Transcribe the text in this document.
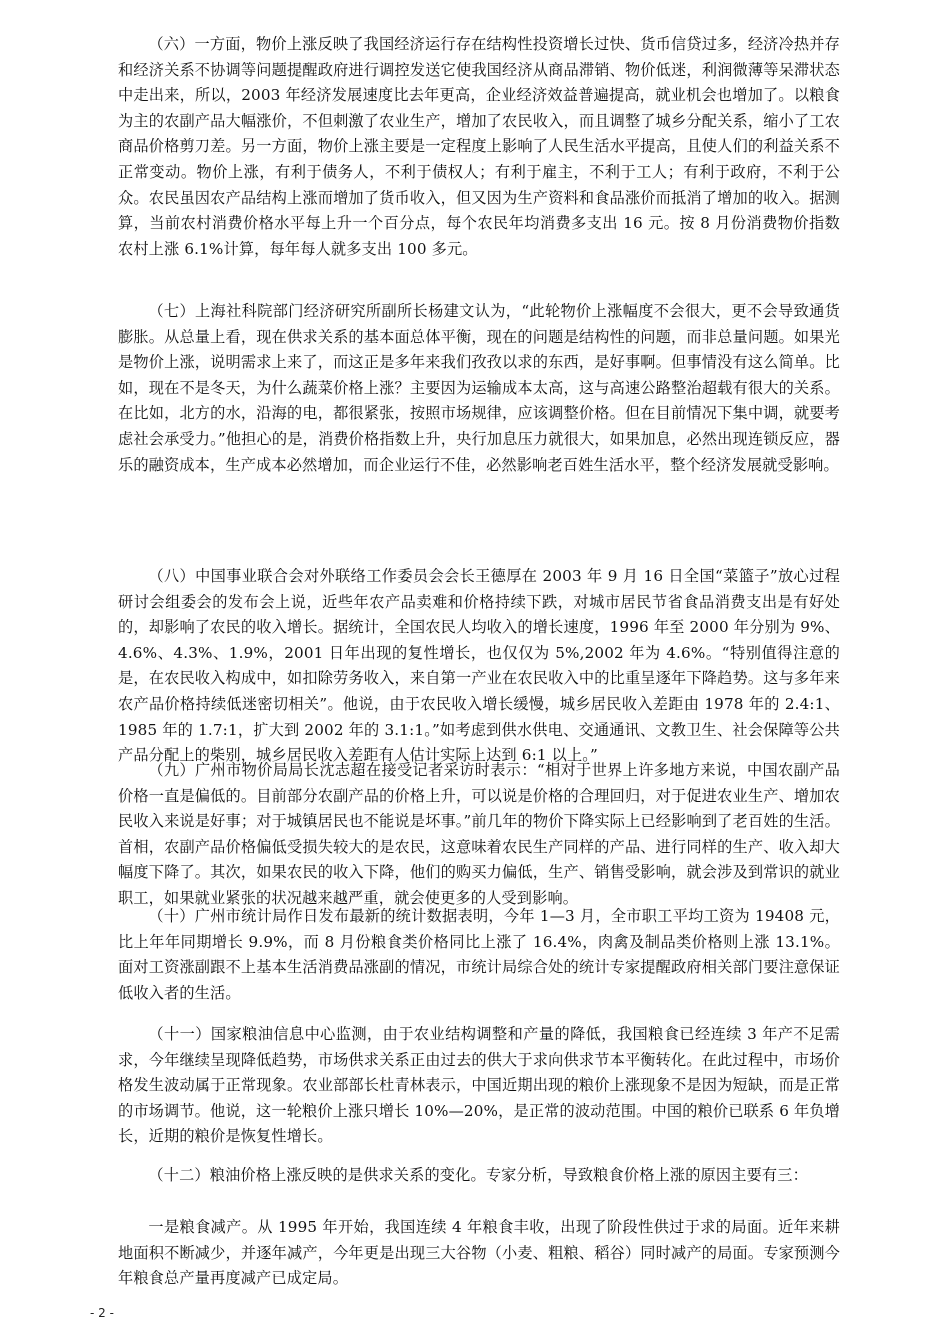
（六）一方面，物价上涨反映了我国经济运行存在结构性投资增长过快、货币信贷过多，经济冷热并存和经济关系不协调等问题提醒政府进行调控发送它使我国经济从商品滞销、物价低迷，利润微薄等呆滞状态中走出来，所以，2003 年经济发展速度比去年更高，企业经济效益普遍提高，就业机会也增加了。以粮食为主的农副产品大幅涨价，不但刺激了农业生产，增加了农民收入，而且调整了城乡分配关系，缩小了工农商品价格剪刀差。另一方面，物价上涨主要是一定程度上影响了人民生活水平提高，且使人们的利益关系不正常变动。物价上涨，有利于债务人，不利于债权人；有利于雇主，不利于工人；有利于政府，不利于公众。农民虽因农产品结构上涨而增加了货币收入，但又因为生产资料和食品涨价而抵消了增加的收入。据测算，当前农村消费价格水平每上升一个百分点，每个农民年均消费多支出 16 元。按 8 月份消费物价指数农村上涨 6.1%计算，每年每人就多支出 100 多元。

（七）上海社科院部门经济研究所副所长杨建文认为，“此轮物价上涨幅度不会很大，更不会导致通货膨胀。从总量上看，现在供求关系的基本面总体平衡，现在的问题是结构性的问题，而非总量问题。如果光是物价上涨，说明需求上来了，而这正是多年来我们孜孜以求的东西，是好事啊。但事情没有这么简单。比如，现在不是冬天，为什么蔬菜价格上涨？主要因为运输成本太高，这与高速公路整治超载有很大的关系。在比如，北方的水，沿海的电，都很紧张，按照市场规律，应该调整价格。但在目前情况下集中调，就要考虑社会承受力。”他担心的是，消费价格指数上升，央行加息压力就很大，如果加息，必然出现连锁反应，器乐的融资成本，生产成本必然增加，而企业运行不佳，必然影响老百姓生活水平，整个经济发展就受影响。

（八）中国事业联合会对外联络工作委员会会长王德厚在 2003 年 9 月 16 日全国“菜篮子”放心过程研讨会组委会的发布会上说，近些年农产品卖难和价格持续下跌，对城市居民节省食品消费支出是有好处的，却影响了农民的收入增长。据统计，全国农民人均收入的增长速度，1996 年至 2000 年分别为 9%、4.6%、4.3%、1.9%，2001 日年出现的复性增长，也仅仅为 5%,2002 年为 4.6%。“特别值得注意的是，在农民收入构成中，如扣除劳务收入，来自第一产业在农民收入中的比重呈逐年下降趋势。这与多年来农产品价格持续低迷密切相关”。他说，由于农民收入增长缓慢，城乡居民收入差距由 1978 年的 2.4:1、1985 年的 1.7:1，扩大到 2002 年的 3.1:1。”如考虑到供水供电、交通通讯、文教卫生、社会保障等公共产品分配上的柴别，城乡居民收入差距有人估计实际上达到 6:1 以上。”

（九）广州市物价局局长沈志超在接受记者采访时表示：“相对于世界上许多地方来说，中国农副产品价格一直是偏低的。目前部分农副产品的价格上升，可以说是价格的合理回归，对于促进农业生产、增加农民收入来说是好事；对于城镇居民也不能说是坏事。”前几年的物价下降实际上已经影响到了老百姓的生活。首相，农副产品价格偏低受损失较大的是农民，这意味着农民生产同样的产品、进行同样的生产、收入却大幅度下降了。其次，如果农民的收入下降，他们的购买力偏低，生产、销售受影响，就会涉及到常识的就业职工，如果就业紧张的状况越来越严重，就会使更多的人受到影响。

（十）广州市统计局作日发布最新的统计数据表明，今年 1—3 月，全市职工平均工资为 19408 元，比上年年同期增长 9.9%，而 8 月份粮食类价格同比上涨了 16.4%，肉禽及制品类价格则上涨 13.1%。面对工资涨副跟不上基本生活消费品涨副的情况，市统计局综合处的统计专家提醒政府相关部门要注意保证低收入者的生活。

（十一）国家粮油信息中心监测，由于农业结构调整和产量的降低，我国粮食已经连续 3 年产不足需求，今年继续呈现降低趋势，市场供求关系正由过去的供大于求向供求节本平衡转化。在此过程中，市场价格发生波动属于正常现象。农业部部长杜青林表示，中国近期出现的粮价上涨现象不是因为短缺，而是正常的市场调节。他说，这一轮粮价上涨只增长 10%—20%，是正常的波动范围。中国的粮价已联系 6 年负增长，近期的粮价是恢复性增长。

（十二）粮油价格上涨反映的是供求关系的变化。专家分析，导致粮食价格上涨的原因主要有三：

一是粮食减产。从 1995 年开始，我国连续 4 年粮食丰收，出现了阶段性供过于求的局面。近年来耕地面积不断减少，并逐年减产，今年更是出现三大谷物（小麦、粗粮、稻谷）同时减产的局面。专家预测今年粮食总产量再度减产已成定局。

- 2 -
